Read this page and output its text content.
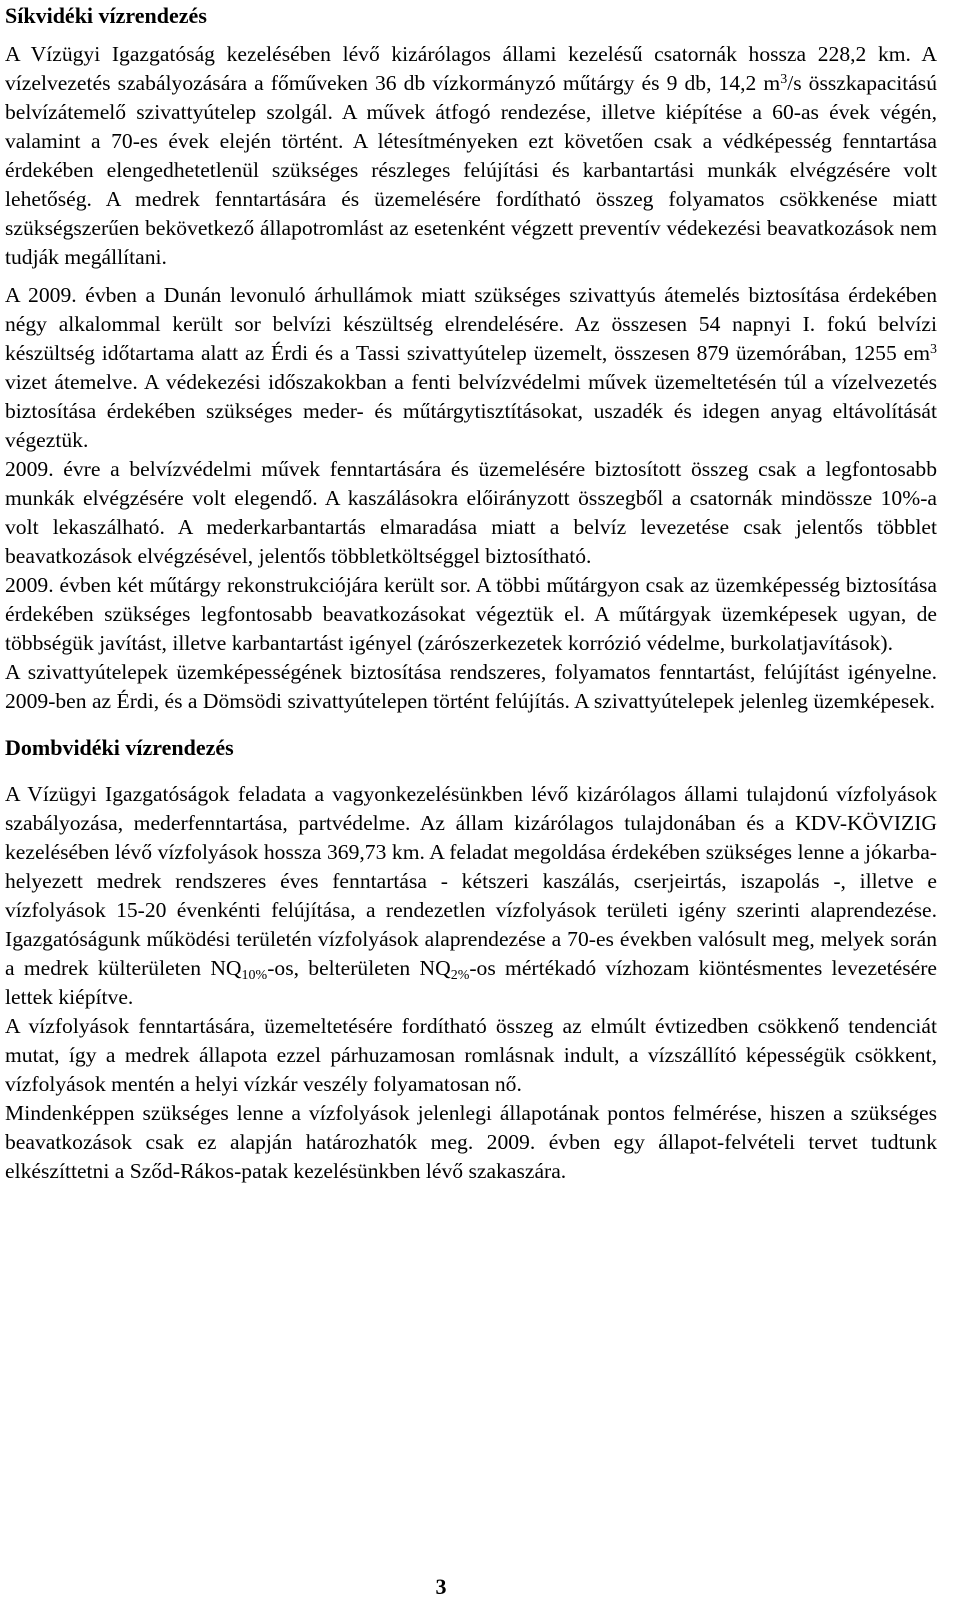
Síkvidéki vízrendezés

A Vízügyi Igazgatóság kezelésében lévő kizárólagos állami kezelésű csatornák hossza 228,2 km. A vízelvezetés szabályozására a főműveken 36 db vízkormányzó műtárgy és 9 db, 14,2 $m^3/s$ összkapacitású belvízátemelő szivattyútelep szolgál. A művek átfogó rendezése, illetve kiépítése a 60-as évek végén, valamint a 70-es évek elején történt. A létesítményeken ezt követően csak a védképesség fenntartása érdekében elengedhetetlenül szükséges részleges felújítási és karbantartási munkák elvégzésére volt lehetőség. A medrek fenntartására és üzemelésére fordítható összeg folyamatos csökkenése miatt szükségszerűen bekövetkező állapotromlást az esetenként végzett preventív védekezési beavatkozások nem tudják megállítani.

A 2009. évben a Dunán levonuló árhullámok miatt szükséges szivattyús átemelés biztosítása érdekében négy alkalommal került sor belvízi készültség elrendelésére. Az összesen 54 napnyi I. fokú belvízi készültség időtartama alatt az Érdi és a Tassi szivattyútelep üzemelt, összesen 879 üzemórában, 1255 $em^3$ vizet átemelve. A védekezési időszakokban a fenti belvízvédelmi művek üzemeltetésén túl a vízelvezetés biztosítása érdekében szükséges meder- és műtárgytisztításokat, uszadék és idegen anyag eltávolítását végeztük.

2009. évre a belvízvédelmi művek fenntartására és üzemelésére biztosított összeg csak a legfontosabb munkák elvégzésére volt elegendő. A kaszálásokra előirányzott összegből a csatornák mindössze 10%-a volt lekaszálható. A mederkarbantartás elmaradása miatt a belvíz levezetése csak jelentős többlet beavatkozások elvégzésével, jelentős többletköltséggel biztosítható.

2009. évben két műtárgy rekonstrukciójára került sor. A többi műtárgyon csak az üzemképesség biztosítása érdekében szükséges legfontosabb beavatkozásokat végeztük el. A műtárgyak üzemképesek ugyan, de többségük javítást, illetve karbantartást igényel (zárószerkezetek korrózió védelme, burkolatjavítások).

A szivattyútelepek üzemképességének biztosítása rendszeres, folyamatos fenntartást, felújítást igényelne. 2009-ben az Érdi, és a Dömsödi szivattyútelepen történt felújítás. A szivattyútelepek jelenleg üzemképesek.

Dombvidéki vízrendezés

A Vízügyi Igazgatóságok feladata a vagyonkezelésünkben lévő kizárólagos állami tulajdonú vízfolyások szabályozása, mederfenntartása, partvédelme. Az állam kizárólagos tulajdonában és a KDV-KÖVIZIG kezelésében lévő vízfolyások hossza 369,73 km. A feladat megoldása érdekében szükséges lenne a jókarba-helyezett medrek rendszeres éves fenntartása - kétszeri kaszálás, cserjeirtás, iszapolás -, illetve e vízfolyások 15-20 évenkénti felújítása, a rendezetlen vízfolyások területi igény szerinti alaprendezése. Igazgatóságunk működési területén vízfolyások alaprendezése a 70-es években valósult meg, melyek során a medrek külterületen $NQ_{10\%}-os$, belterületen $NQ_{2\%}-os$ mértékadó vízhozam kiöntésmentes levezetésére lettek kiépítve.

A vízfolyások fenntartására, üzemeltetésére fordítható összeg az elmúlt évtizedben csökkenő tendenciát mutat, így a medrek állapota ezzel párhuzamosan romlásnak indult, a vízszállító képességük csökkent, vízfolyások mentén a helyi vízkár veszély folyamatosan nő.

Mindenképpen szükséges lenne a vízfolyások jelenlegi állapotának pontos felmérése, hiszen a szükséges beavatkozások csak ez alapján határozhatók meg. 2009. évben egy állapot-felvételi tervet tudtunk elkészíttetni a Sződ-Rákos-patak kezelésünkben lévő szakaszára.

3
